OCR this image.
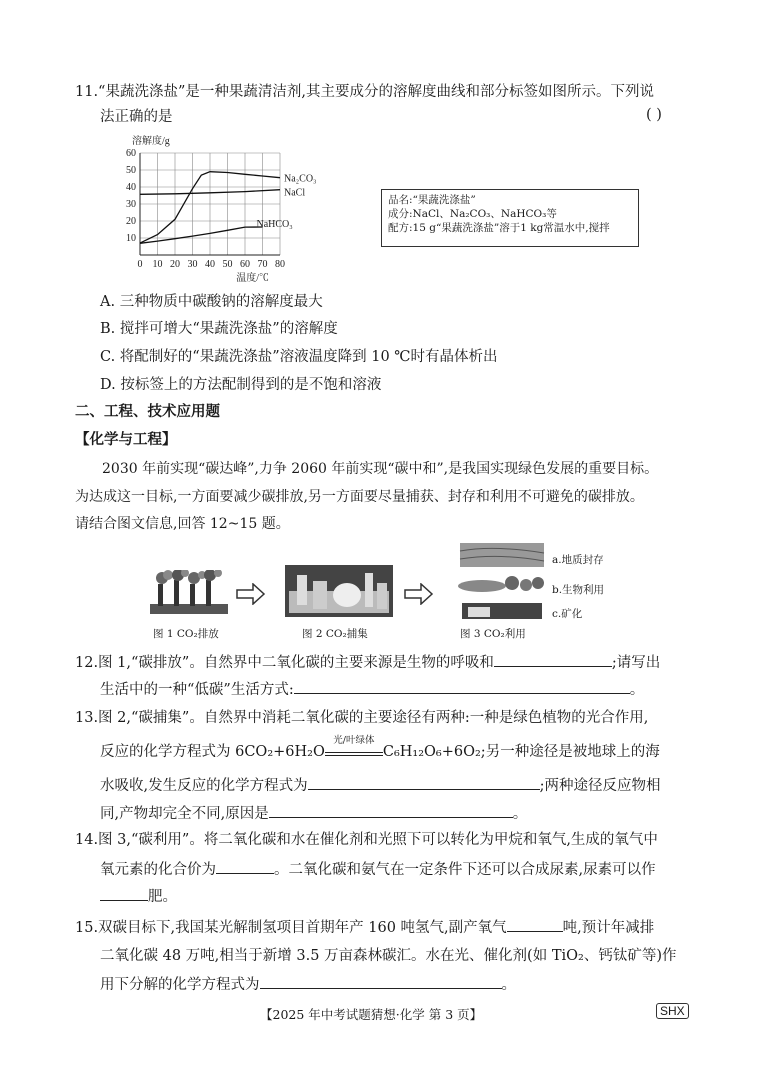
11.“果蔬洗涤盐”是一种果蔬清洁剂,其主要成分的溶解度曲线和部分标签如图所示。下列说
法正确的是	( )
0 10 20 30 40 50 60 70 80
10
20
30
40
50
60
溶解度/g
温度/℃
Na₂CO₃
NaCl
NaHCO₃
品名:“果蔬洗涤盐”
成分:NaCl、Na₂CO₃、NaHCO₃等
配方:15 g“果蔬洗涤盐”溶于1 kg常温水中,搅拌
A. 三种物质中碳酸钠的溶解度最大
B. 搅拌可增大“果蔬洗涤盐”的溶解度
C. 将配制好的“果蔬洗涤盐”溶液温度降到 10 ℃时有晶体析出
D. 按标签上的方法配制得到的是不饱和溶液
二、工程、技术应用题
【化学与工程】
2030 年前实现“碳达峰”,力争 2060 年前实现“碳中和”,是我国实现绿色发展的重要目标。
为达成这一目标,一方面要减少碳排放,另一方面要尽量捕获、封存和利用不可避免的碳排放。
请结合图文信息,回答 12~15 题。
a.地质封存
b.生物利用
c.矿化
图 1 CO₂排放	图 2 CO₂捕集	图 3 CO₂利用
12.图 1,“碳排放”。自然界中二氧化碳的主要来源是生物的呼吸和	;请写出
生活中的一种“低碳”生活方式:	。
13.图 2,“碳捕集”。自然界中消耗二氧化碳的主要途径有两种:一种是绿色植物的光合作用,
反应的化学方程式为 6CO₂+6H₂O
光/叶绿体
C₆H₁₂O₆+6O₂;另一种途径是被地球上的海
水吸收,发生反应的化学方程式为	;两种途径反应物相
同,产物却完全不同,原因是	。
14.图 3,“碳利用”。将二氧化碳和水在催化剂和光照下可以转化为甲烷和氧气,生成的氧气中
氧元素的化合价为	。二氧化碳和氨气在一定条件下还可以合成尿素,尿素可以作
肥。
15.双碳目标下,我国某光解制氢项目首期年产 160 吨氢气,副产氧气	吨,预计年减排
二氧化碳 48 万吨,相当于新增 3.5 万亩森林碳汇。水在光、催化剂(如 TiO₂、钙钛矿等)作
用下分解的化学方程式为	。
【2025 年中考试题猜想·化学 第 3 页】	SHX
